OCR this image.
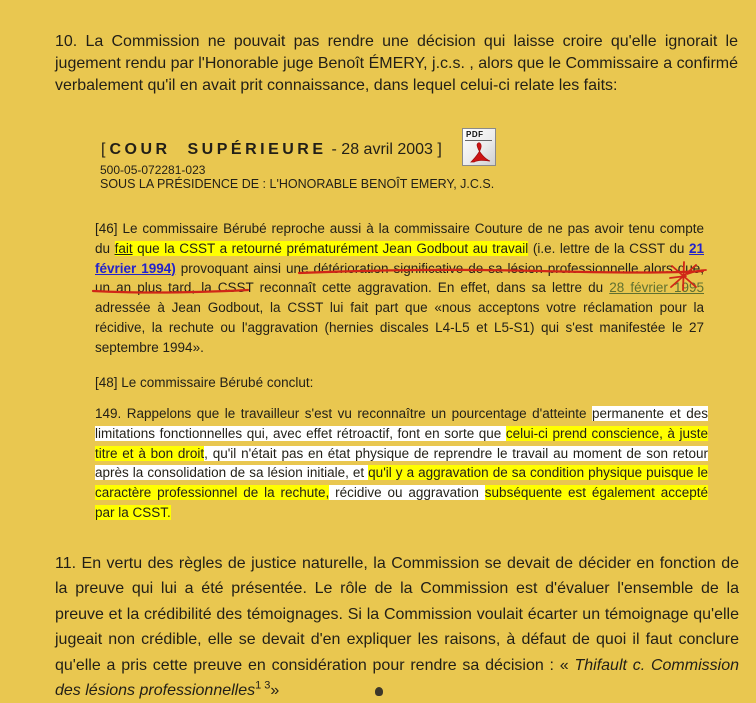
10. La Commission ne pouvait pas rendre une décision qui laisse croire qu'elle ignorait le jugement rendu par l'Honorable juge Benoît ÉMERY, j.c.s. , alors que le Commissaire a confirmé verbalement qu'il en avait prit connaissance, dans lequel celui-ci relate les faits:

[ COUR SUPÉRIEURE - 28 avril 2003 ]
PDF
500-05-072281-023
SOUS LA PRÉSIDENCE DE : L'HONORABLE BENOÎT EMERY, J.C.S.

[46] Le commissaire Bérubé reproche aussi à la commissaire Couture de ne pas avoir tenu compte du fait que la CSST a retourné prématurément Jean Godbout au travail (i.e. lettre de la CSST du 21 février 1994) provoquant ainsi une détérioration significative de sa lésion professionnelle alors que, un an plus tard, la CSST reconnaît cette aggravation. En effet, dans sa lettre du 28 février 1995 adressée à Jean Godbout, la CSST lui fait part que «nous acceptons votre réclamation pour la récidive, la rechute ou l'aggravation (hernies discales L4-L5 et L5-S1) qui s'est manifestée le 27 septembre 1994».

[48] Le commissaire Bérubé conclut:

149. Rappelons que le travailleur s'est vu reconnaître un pourcentage d'atteinte permanente et des limitations fonctionnelles qui, avec effet rétroactif, font en sorte que celui-ci prend conscience, à juste titre et à bon droit, qu'il n'était pas en état physique de reprendre le travail au moment de son retour après la consolidation de sa lésion initiale, et qu'il y a aggravation de sa condition physique puisque le caractère professionnel de la rechute, récidive ou aggravation subséquente est également accepté par la CSST.

11. En vertu des règles de justice naturelle, la Commission se devait de décider en fonction de la preuve qui lui a été présentée. Le rôle de la Commission est d'évaluer l'ensemble de la preuve et la crédibilité des témoignages. Si la Commission voulait écarter un témoignage qu'elle jugeait non crédible, elle se devait d'en expliquer les raisons, à défaut de quoi il faut conclure qu'elle a pris cette preuve en considération pour rendre sa décision : « Thifault c. Commission des lésions professionnelles$^{1 3}$»
